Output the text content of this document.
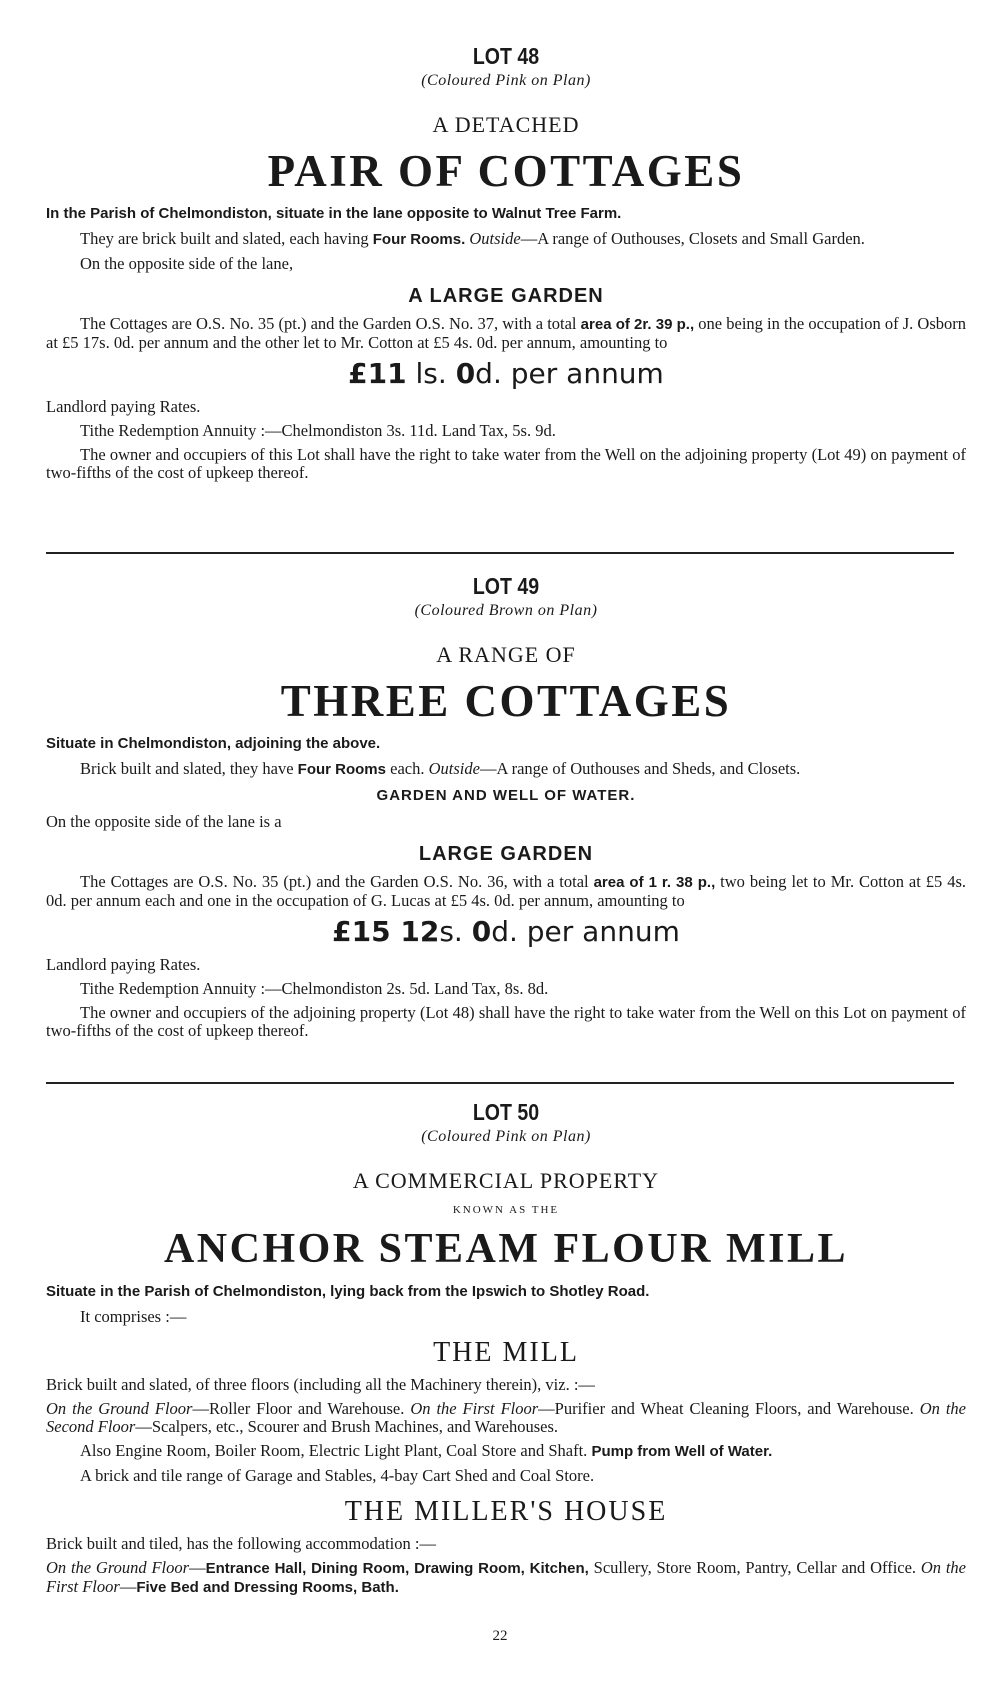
LOT 48
(Coloured Pink on Plan)
A DETACHED
PAIR OF COTTAGES
In the Parish of Chelmondiston, situate in the lane opposite to Walnut Tree Farm.

They are brick built and slated, each having Four Rooms. Outside—A range of Outhouses, Closets and Small Garden.

On the opposite side of the lane,

A LARGE GARDEN

The Cottages are O.S. No. 35 (pt.) and the Garden O.S. No. 37, with a total area of 2r. 39 p., one being in the occupation of J. Osborn at £5 17s. 0d. per annum and the other let to Mr. Cotton at £5 4s. 0d. per annum, amounting to

£11 ls. 0d. per annum

Landlord paying Rates.

Tithe Redemption Annuity :—Chelmondiston 3s. 11d. Land Tax, 5s. 9d.

The owner and occupiers of this Lot shall have the right to take water from the Well on the adjoining property (Lot 49) on payment of two-fifths of the cost of upkeep thereof.

LOT 49
(Coloured Brown on Plan)
A RANGE OF
THREE COTTAGES
Situate in Chelmondiston, adjoining the above.

Brick built and slated, they have Four Rooms each. Outside—A range of Outhouses and Sheds, and Closets.

GARDEN AND WELL OF WATER.

On the opposite side of the lane is a

LARGE GARDEN

The Cottages are O.S. No. 35 (pt.) and the Garden O.S. No. 36, with a total area of 1 r. 38 p., two being let to Mr. Cotton at £5 4s. 0d. per annum each and one in the occupation of G. Lucas at £5 4s. 0d. per annum, amounting to

£15 12s. 0d. per annum

Landlord paying Rates.

Tithe Redemption Annuity :—Chelmondiston 2s. 5d. Land Tax, 8s. 8d.

The owner and occupiers of the adjoining property (Lot 48) shall have the right to take water from the Well on this Lot on payment of two-fifths of the cost of upkeep thereof.

LOT 50
(Coloured Pink on Plan)
A COMMERCIAL PROPERTY
KNOWN AS THE
ANCHOR STEAM FLOUR MILL
Situate in the Parish of Chelmondiston, lying back from the Ipswich to Shotley Road.

It comprises :—

THE MILL

Brick built and slated, of three floors (including all the Machinery therein), viz. :—

On the Ground Floor—Roller Floor and Warehouse. On the First Floor—Purifier and Wheat Cleaning Floors, and Warehouse. On the Second Floor—Scalpers, etc., Scourer and Brush Machines, and Warehouses.

Also Engine Room, Boiler Room, Electric Light Plant, Coal Store and Shaft. Pump from Well of Water.

A brick and tile range of Garage and Stables, 4-bay Cart Shed and Coal Store.

THE MILLER'S HOUSE

Brick built and tiled, has the following accommodation :—

On the Ground Floor—Entrance Hall, Dining Room, Drawing Room, Kitchen, Scullery, Store Room, Pantry, Cellar and Office. On the First Floor—Five Bed and Dressing Rooms, Bath.

22
